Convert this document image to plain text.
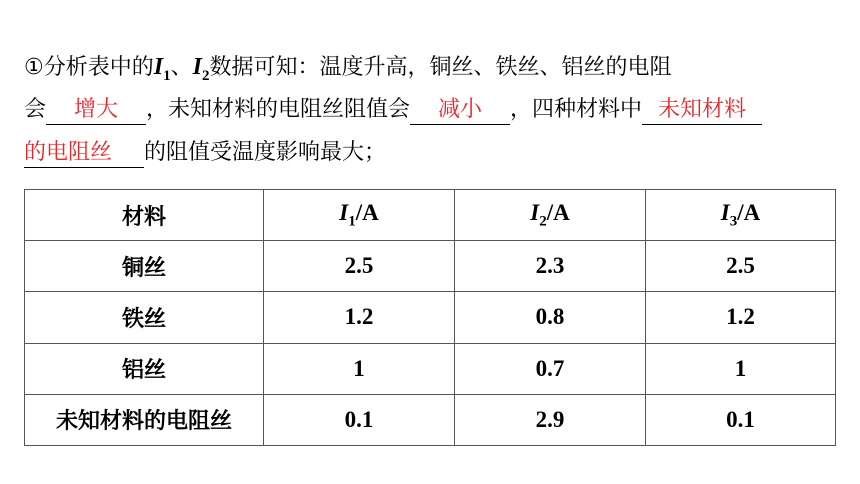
①分析表中的$I_1$、$I_2$数据可知：温度升高，铜丝、铁丝、铝丝的电阻
会 增大 ，未知材料的电阻丝阻值会 减小 ，四种材料中 未知材料
的电阻丝 的阻值受温度影响最大；
材料	$I_1/A$	$I_2/A$	$I_3/A$
铜丝	2.5	2.3	2.5
铁丝	1.2	0.8	1.2
铝丝	1	0.7	1
未知材料的电阻丝	0.1	2.9	0.1
